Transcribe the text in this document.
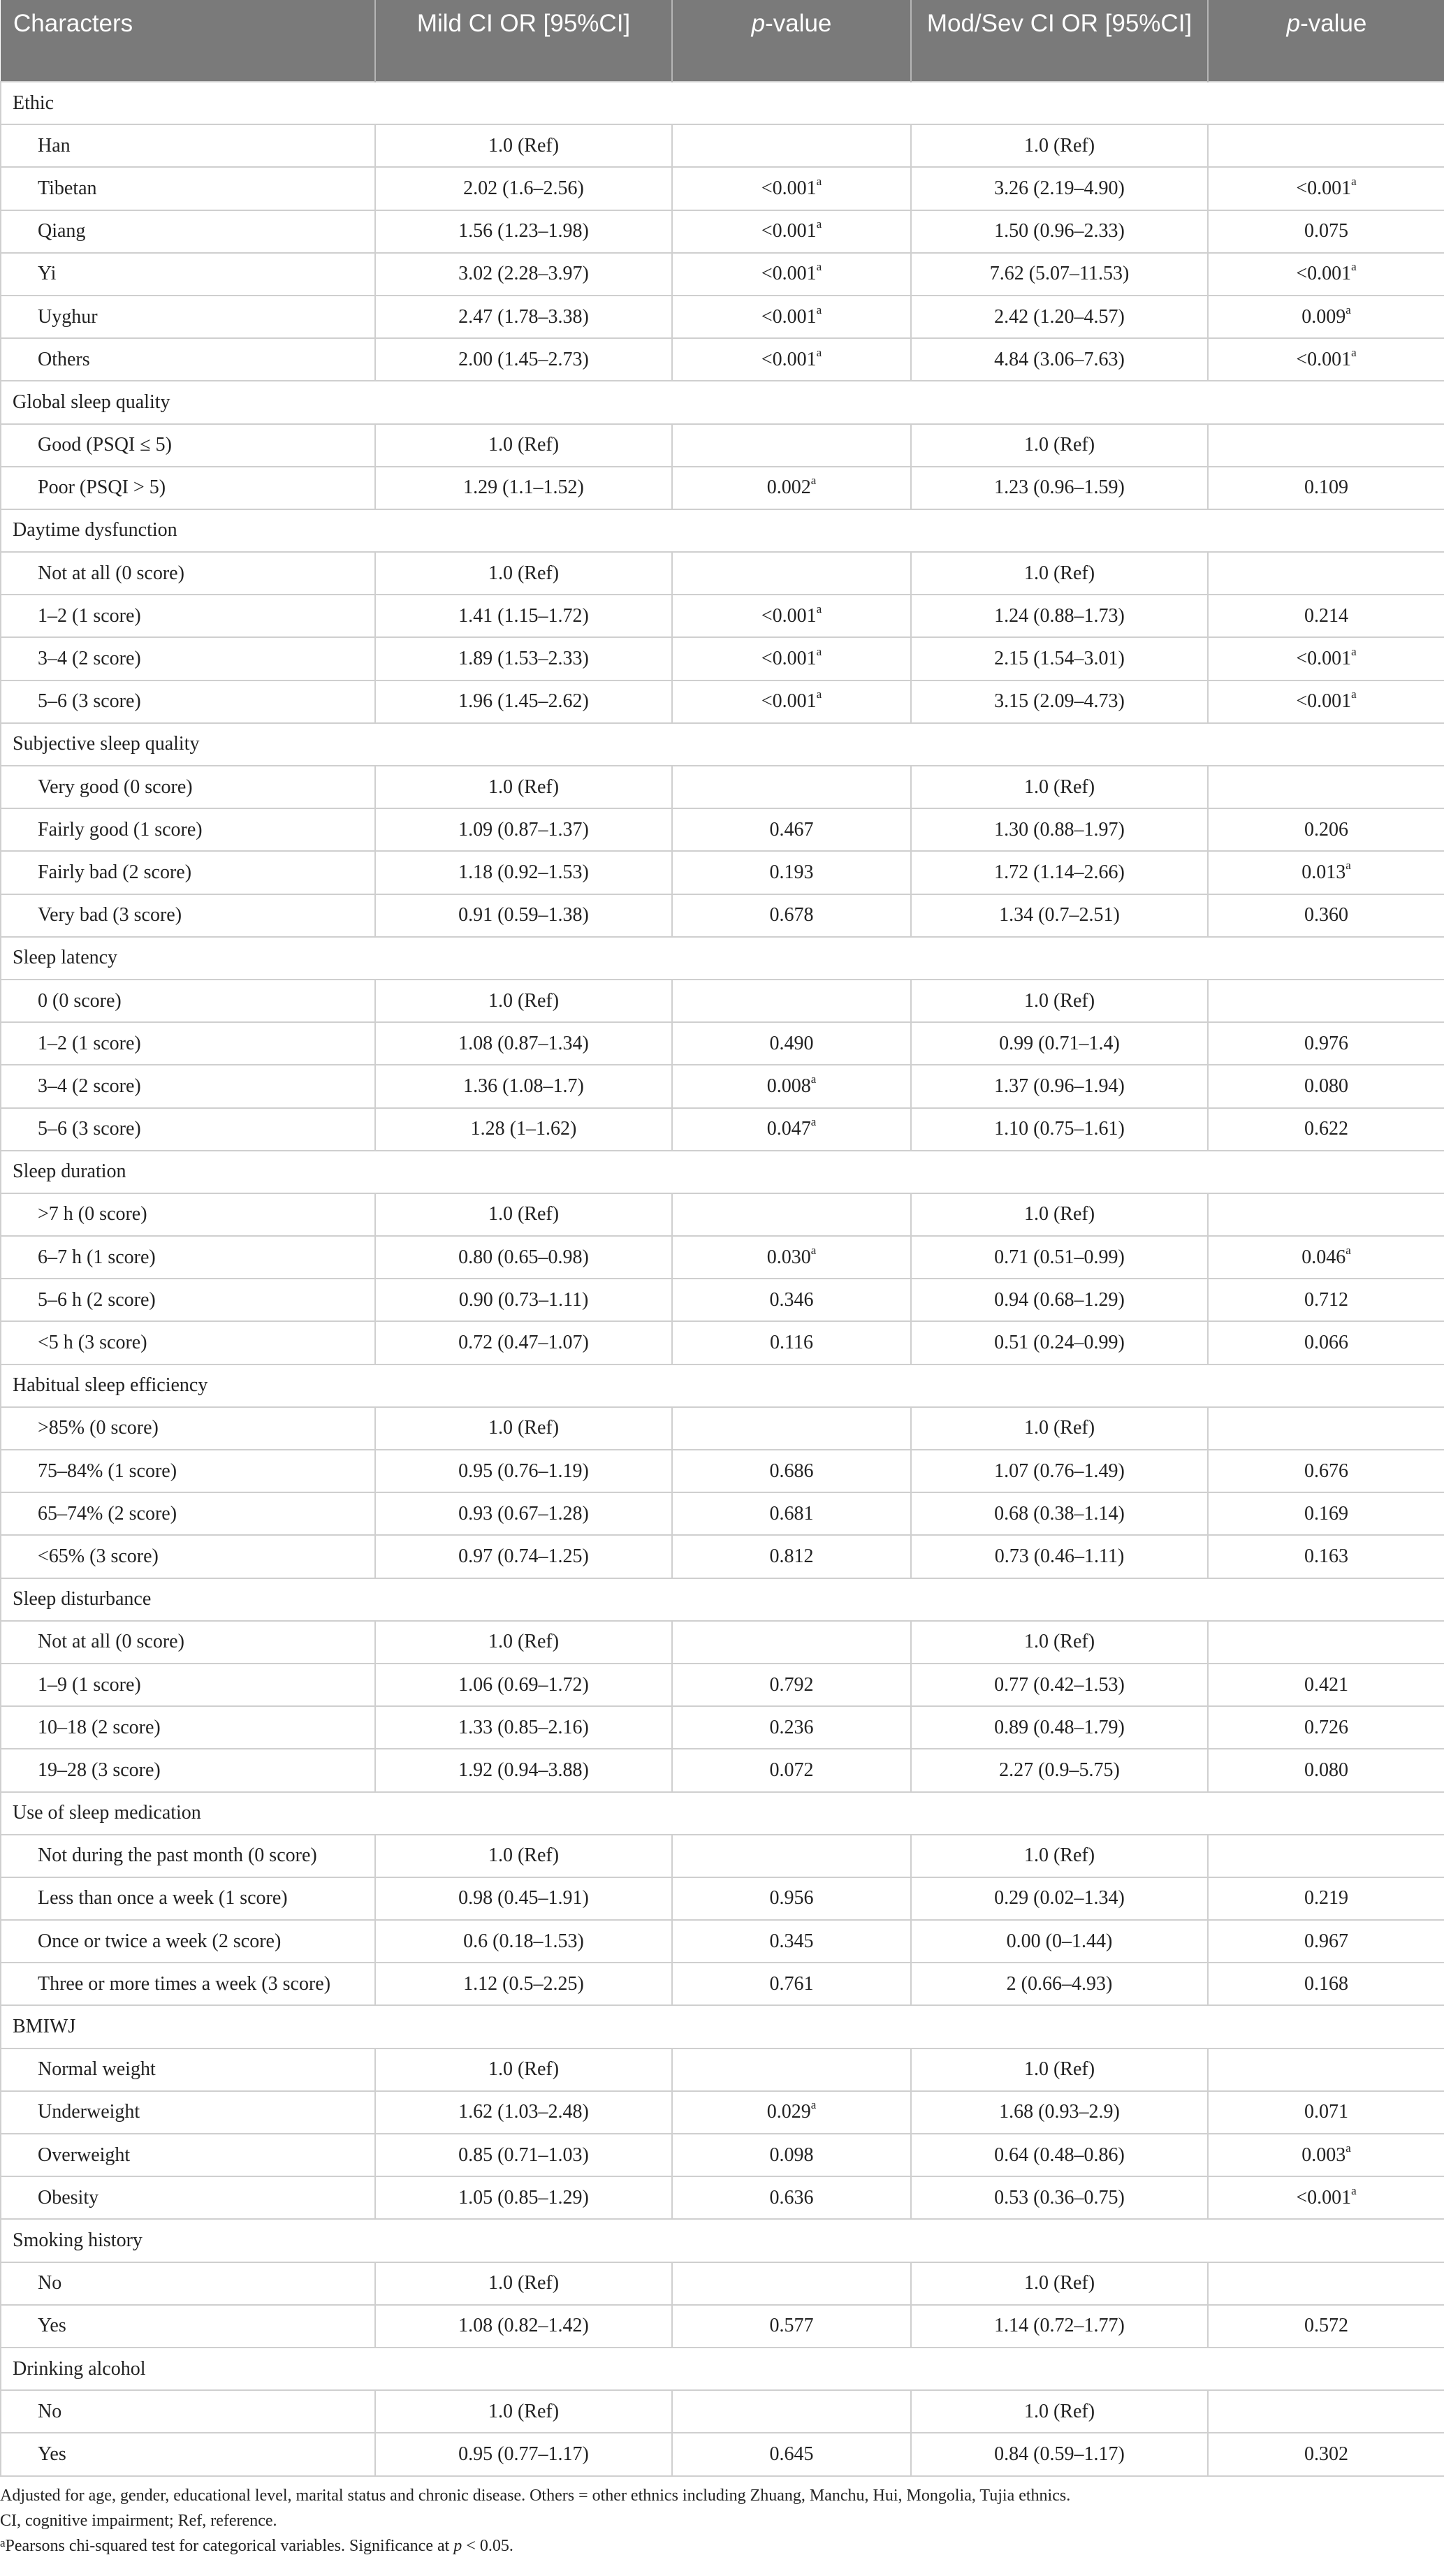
Characters	Mild CI OR [95%CI]	p-value	Mod/Sev CI OR [95%CI]	p-value
Ethic				
Han	1.0 (Ref)		1.0 (Ref)	
Tibetan	2.02 (1.6–2.56)	<0.001$^a$	3.26 (2.19–4.90)	<0.001$^a$
Qiang	1.56 (1.23–1.98)	<0.001$^a$	1.50 (0.96–2.33)	0.075
Yi	3.02 (2.28–3.97)	<0.001$^a$	7.62 (5.07–11.53)	<0.001$^a$
Uyghur	2.47 (1.78–3.38)	<0.001$^a$	2.42 (1.20–4.57)	0.009$^a$
Others	2.00 (1.45–2.73)	<0.001$^a$	4.84 (3.06–7.63)	<0.001$^a$
Global sleep quality				
Good (PSQI ≤ 5)	1.0 (Ref)		1.0 (Ref)	
Poor (PSQI > 5)	1.29 (1.1–1.52)	0.002$^a$	1.23 (0.96–1.59)	0.109
Daytime dysfunction				
Not at all (0 score)	1.0 (Ref)		1.0 (Ref)	
1–2 (1 score)	1.41 (1.15–1.72)	<0.001$^a$	1.24 (0.88–1.73)	0.214
3–4 (2 score)	1.89 (1.53–2.33)	<0.001$^a$	2.15 (1.54–3.01)	<0.001$^a$
5–6 (3 score)	1.96 (1.45–2.62)	<0.001$^a$	3.15 (2.09–4.73)	<0.001$^a$
Subjective sleep quality				
Very good (0 score)	1.0 (Ref)		1.0 (Ref)	
Fairly good (1 score)	1.09 (0.87–1.37)	0.467	1.30 (0.88–1.97)	0.206
Fairly bad (2 score)	1.18 (0.92–1.53)	0.193	1.72 (1.14–2.66)	0.013$^a$
Very bad (3 score)	0.91 (0.59–1.38)	0.678	1.34 (0.7–2.51)	0.360
Sleep latency				
0 (0 score)	1.0 (Ref)		1.0 (Ref)	
1–2 (1 score)	1.08 (0.87–1.34)	0.490	0.99 (0.71–1.4)	0.976
3–4 (2 score)	1.36 (1.08–1.7)	0.008$^a$	1.37 (0.96–1.94)	0.080
5–6 (3 score)	1.28 (1–1.62)	0.047$^a$	1.10 (0.75–1.61)	0.622
Sleep duration				
>7 h (0 score)	1.0 (Ref)		1.0 (Ref)	
6–7 h (1 score)	0.80 (0.65–0.98)	0.030$^a$	0.71 (0.51–0.99)	0.046$^a$
5–6 h (2 score)	0.90 (0.73–1.11)	0.346	0.94 (0.68–1.29)	0.712
<5 h (3 score)	0.72 (0.47–1.07)	0.116	0.51 (0.24–0.99)	0.066
Habitual sleep efficiency				
>85% (0 score)	1.0 (Ref)		1.0 (Ref)	
75–84% (1 score)	0.95 (0.76–1.19)	0.686	1.07 (0.76–1.49)	0.676
65–74% (2 score)	0.93 (0.67–1.28)	0.681	0.68 (0.38–1.14)	0.169
<65% (3 score)	0.97 (0.74–1.25)	0.812	0.73 (0.46–1.11)	0.163
Sleep disturbance				
Not at all (0 score)	1.0 (Ref)		1.0 (Ref)	
1–9 (1 score)	1.06 (0.69–1.72)	0.792	0.77 (0.42–1.53)	0.421
10–18 (2 score)	1.33 (0.85–2.16)	0.236	0.89 (0.48–1.79)	0.726
19–28 (3 score)	1.92 (0.94–3.88)	0.072	2.27 (0.9–5.75)	0.080
Use of sleep medication				
Not during the past month (0 score)	1.0 (Ref)		1.0 (Ref)	
Less than once a week (1 score)	0.98 (0.45–1.91)	0.956	0.29 (0.02–1.34)	0.219
Once or twice a week (2 score)	0.6 (0.18–1.53)	0.345	0.00 (0–1.44)	0.967
Three or more times a week (3 score)	1.12 (0.5–2.25)	0.761	2 (0.66–4.93)	0.168
BMIWJ				
Normal weight	1.0 (Ref)		1.0 (Ref)	
Underweight	1.62 (1.03–2.48)	0.029$^a$	1.68 (0.93–2.9)	0.071
Overweight	0.85 (0.71–1.03)	0.098	0.64 (0.48–0.86)	0.003$^a$
Obesity	1.05 (0.85–1.29)	0.636	0.53 (0.36–0.75)	<0.001$^a$
Smoking history				
No	1.0 (Ref)		1.0 (Ref)	
Yes	1.08 (0.82–1.42)	0.577	1.14 (0.72–1.77)	0.572
Drinking alcohol				
No	1.0 (Ref)		1.0 (Ref)	
Yes	0.95 (0.77–1.17)	0.645	0.84 (0.59–1.17)	0.302

Adjusted for age, gender, educational level, marital status and chronic disease. Others = other ethnics including Zhuang, Manchu, Hui, Mongolia, Tujia ethnics.

CI, cognitive impairment; Ref, reference.

$^a$Pearsons chi-squared test for categorical variables. Significance at p < 0.05.
